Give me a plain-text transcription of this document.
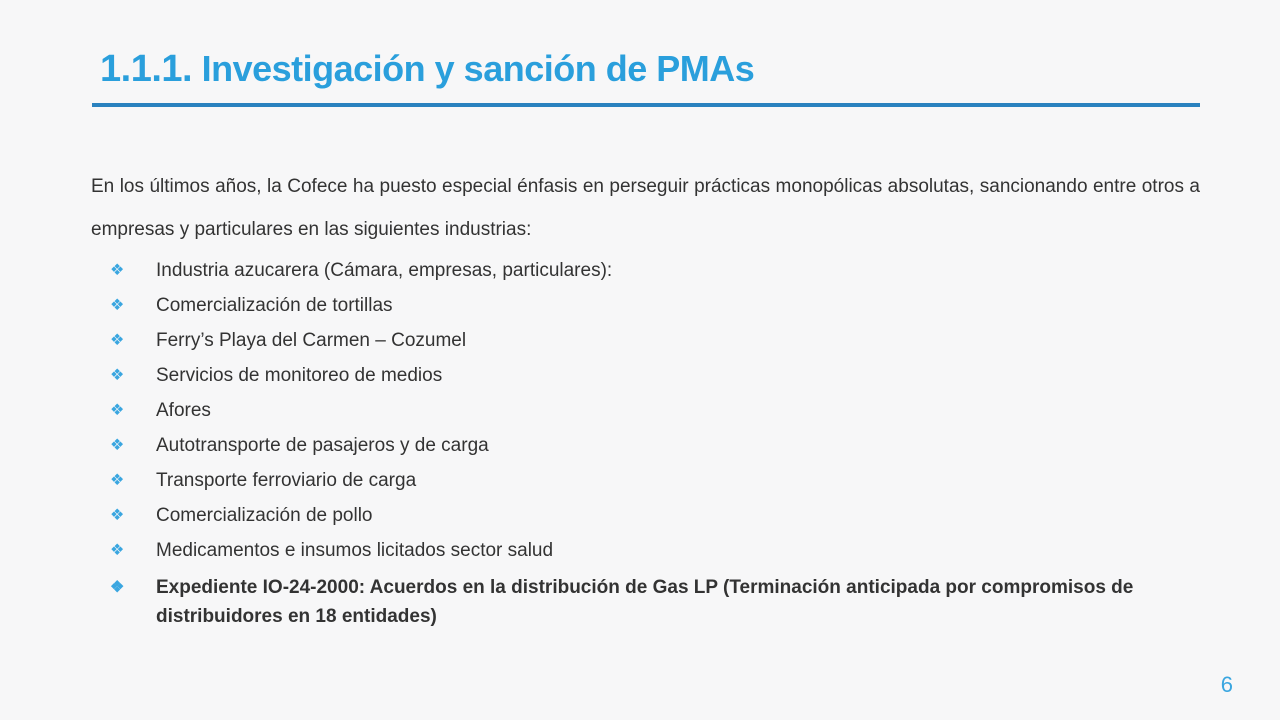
1.1.1. Investigación y sanción de PMAs

En los últimos años, la Cofece ha puesto especial énfasis en perseguir prácticas monopólicas absolutas, sancionando entre otros a empresas y particulares en las siguientes industrias:

❖ Industria azucarera (Cámara, empresas, particulares):
❖ Comercialización de tortillas
❖ Ferry’s Playa del Carmen – Cozumel
❖ Servicios de monitoreo de medios
❖ Afores
❖ Autotransporte de pasajeros y de carga
❖ Transporte ferroviario de carga
❖ Comercialización de pollo
❖ Medicamentos e insumos licitados sector salud
❖ Expediente IO-24-2000: Acuerdos en la distribución de Gas LP (Terminación anticipada por compromisos de distribuidores en 18 entidades)
6
